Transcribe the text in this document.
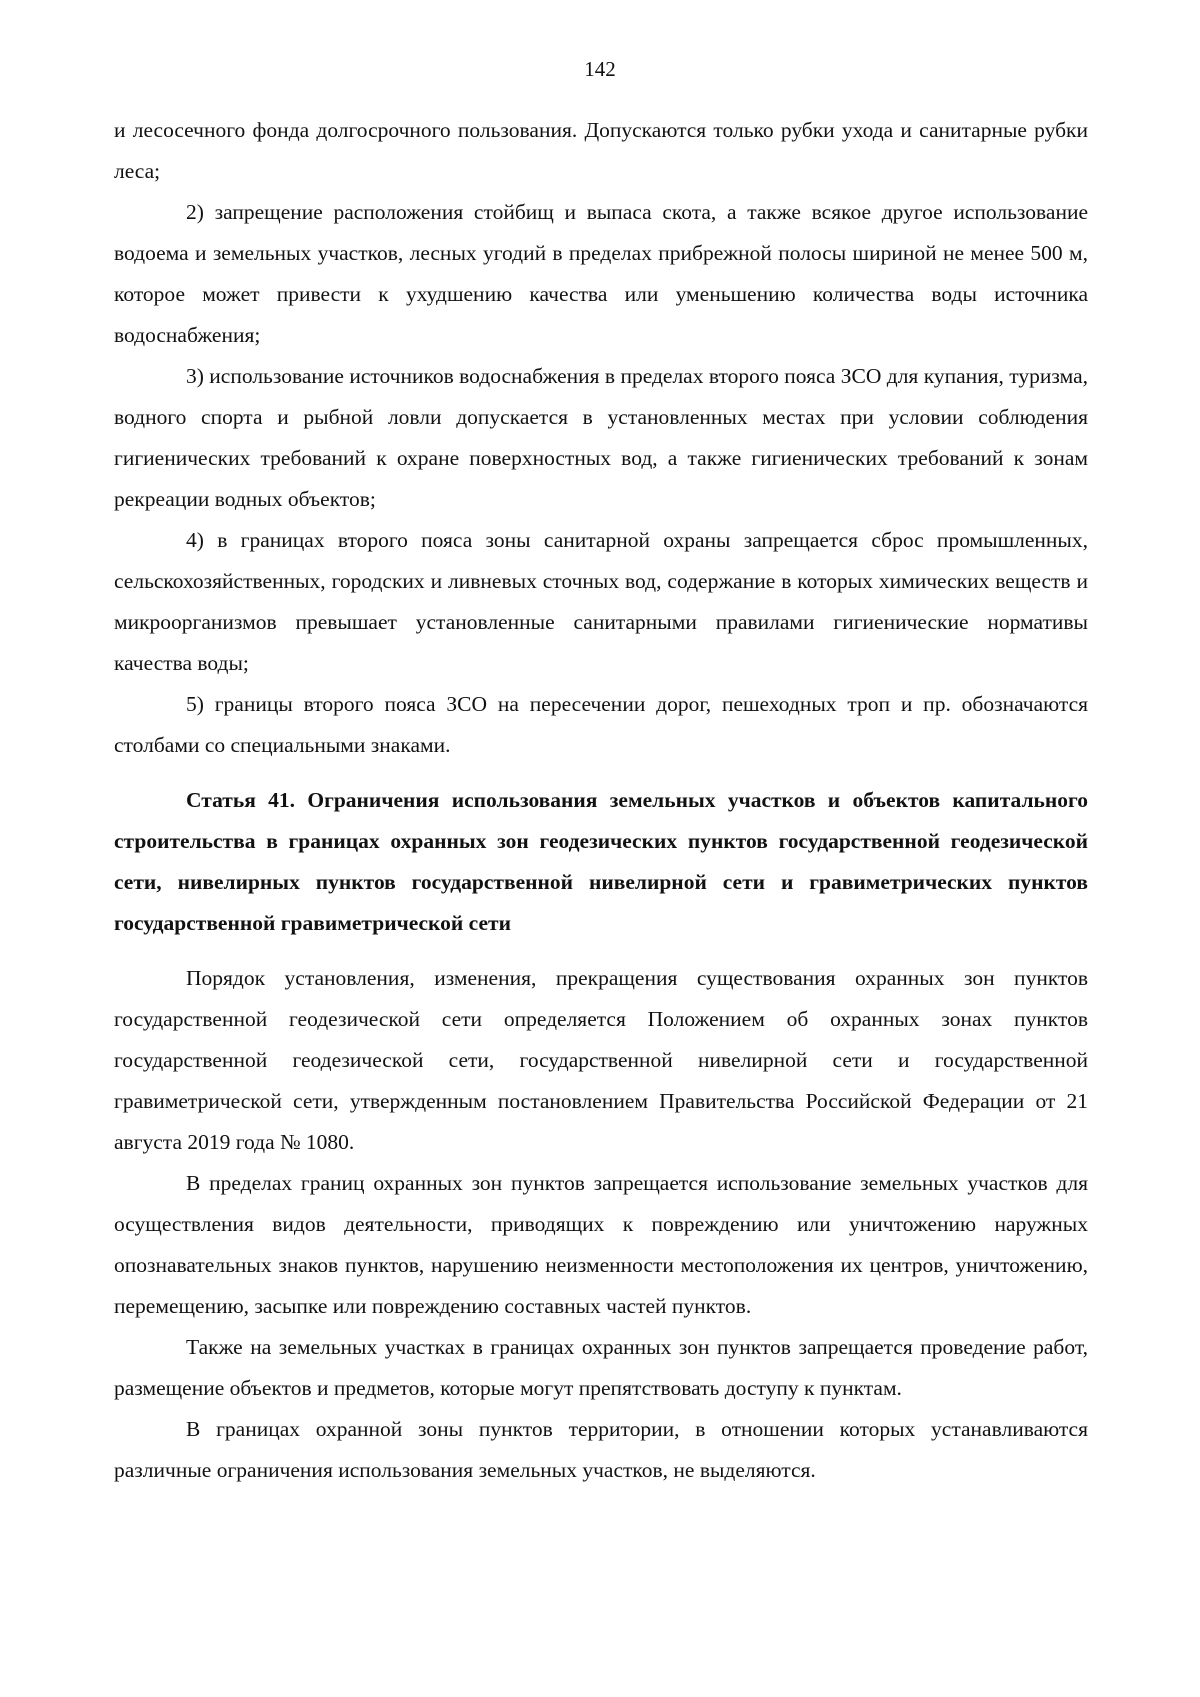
142

и лесосечного фонда долгосрочного пользования. Допускаются только рубки ухода и санитарные рубки леса;

2) запрещение расположения стойбищ и выпаса скота, а также всякое другое использование водоема и земельных участков, лесных угодий в пределах прибрежной полосы шириной не менее 500 м, которое может привести к ухудшению качества или уменьшению количества воды источника водоснабжения;

3) использование источников водоснабжения в пределах второго пояса ЗСО для купания, туризма, водного спорта и рыбной ловли допускается в установленных местах при условии соблюдения гигиенических требований к охране поверхностных вод, а также гигиенических требований к зонам рекреации водных объектов;

4) в границах второго пояса зоны санитарной охраны запрещается сброс промышленных, сельскохозяйственных, городских и ливневых сточных вод, содержание в которых химических веществ и микроорганизмов превышает установленные санитарными правилами гигиенические нормативы качества воды;

5) границы второго пояса ЗСО на пересечении дорог, пешеходных троп и пр. обозначаются столбами со специальными знаками.

Статья 41. Ограничения использования земельных участков и объектов капитального строительства в границах охранных зон геодезических пунктов государственной геодезической сети, нивелирных пунктов государственной нивелирной сети и гравиметрических пунктов государственной гравиметрической сети

Порядок установления, изменения, прекращения существования охранных зон пунктов государственной геодезической сети определяется Положением об охранных зонах пунктов государственной геодезической сети, государственной нивелирной сети и государственной гравиметрической сети, утвержденным постановлением Правительства Российской Федерации от 21 августа 2019 года № 1080.

В пределах границ охранных зон пунктов запрещается использование земельных участков для осуществления видов деятельности, приводящих к повреждению или уничтожению наружных опознавательных знаков пунктов, нарушению неизменности местоположения их центров, уничтожению, перемещению, засыпке или повреждению составных частей пунктов.

Также на земельных участках в границах охранных зон пунктов запрещается проведение работ, размещение объектов и предметов, которые могут препятствовать доступу к пунктам.

В границах охранной зоны пунктов территории, в отношении которых устанавливаются различные ограничения использования земельных участков, не выделяются.
